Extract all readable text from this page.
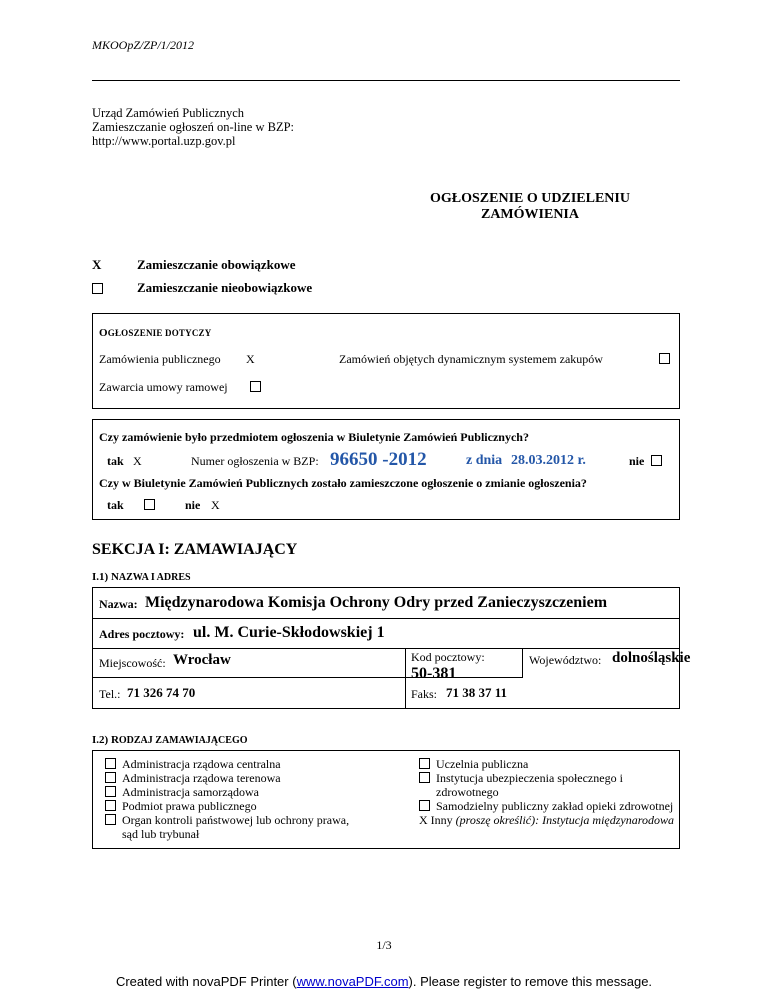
MKOOpZ/ZP/1/2012
Urząd Zamówień Publicznych
Zamieszczanie ogłoszeń on-line w BZP:
http://www.portal.uzp.gov.pl
OGŁOSZENIE O UDZIELENIU
ZAMÓWIENIA
X	Zamieszczanie obowiązkowe
Zamieszczanie nieobowiązkowe
OGŁOSZENIE DOTYCZY
Zamówienia publicznego X	Zamówień objętych dynamicznym systemem zakupów
Zawarcia umowy ramowej
Czy zamówienie było przedmiotem ogłoszenia w Biuletynie Zamówień Publicznych?
tak X	Numer ogłoszenia w BZP: 96650 -2012	z dnia 28.03.2012 r.	nie
Czy w Biuletynie Zamówień Publicznych zostało zamieszczone ogłoszenie o zmianie ogłoszenia?
tak	nie X
SEKCJA I: ZAMAWIAJĄCY
I.1) NAZWA I ADRES
Nazwa: Międzynarodowa Komisja Ochrony Odry przed Zanieczyszczeniem
Adres pocztowy: ul. M. Curie-Skłodowskiej 1
Miejscowość: Wrocław	Kod pocztowy:
50-381
Województwo: dolnośląskie
Tel.: 71 326 74 70	Faks: 71 38 37 11
I.2) RODZAJ ZAMAWIAJĄCEGO
Administracja rządowa centralna
Administracja rządowa terenowa
Administracja samorządowa
Podmiot prawa publicznego
Organ kontroli państwowej lub ochrony prawa,
sąd lub trybunał
Uczelnia publiczna
Instytucja ubezpieczenia społecznego i zdrowotnego
Samodzielny publiczny zakład opieki zdrowotnej
X Inny (proszę określić): Instytucja międzynarodowa
1/3
Created with novaPDF Printer (www.novaPDF.com). Please register to remove this message.
